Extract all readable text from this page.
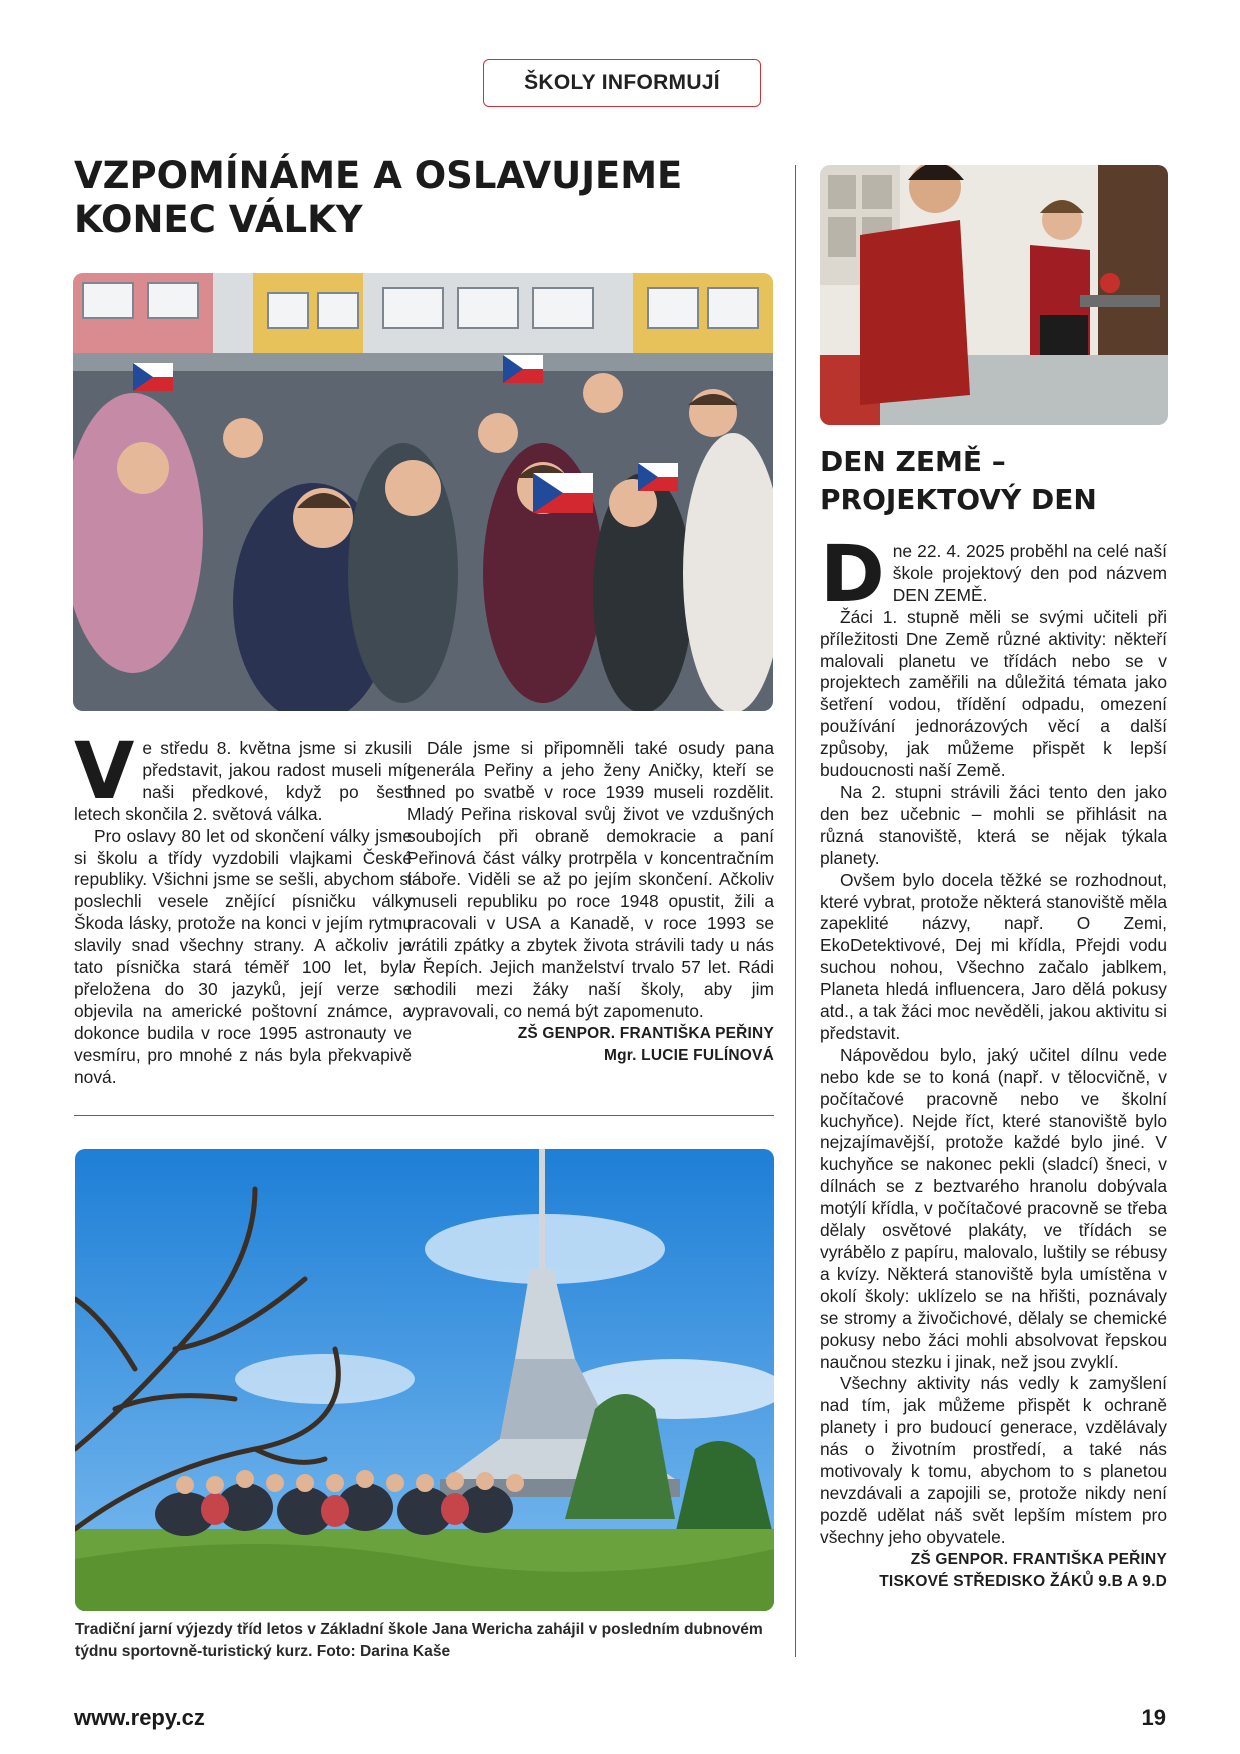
ŠKOLY INFORMUJÍ
VZPOMÍNÁME A OSLAVUJEME
KONEC VÁLKY

Ve středu 8. května jsme si zkusili představit, jakou radost museli mít naši předkové, když po šesti letech skončila 2. světová válka.

Pro oslavy 80 let od skončení války jsme si školu a třídy vyzdobili vlajkami České republiky. Všichni jsme se sešli, abychom si poslechli vesele znějící písničku války Škoda lásky, protože na konci v jejím rytmu slavily snad všechny strany. A ačkoliv je tato písnička stará téměř 100 let, byla přeložena do 30 jazyků, její verze se objevila na americké poštovní známce, a dokonce budila v roce 1995 astronauty ve vesmíru, pro mnohé z nás byla překvapivě nová.

Dále jsme si připomněli také osudy pana generála Peřiny a jeho ženy Aničky, kteří se hned po svatbě v roce 1939 museli rozdělit. Mladý Peřina riskoval svůj život ve vzdušných soubojích při obraně demokracie a paní Peřinová část války protrpěla v koncentračním táboře. Viděli se až po jejím skončení. Ačkoliv museli republiku po roce 1948 opustit, žili a pracovali v USA a Kanadě, v roce 1993 se vrátili zpátky a zbytek života strávili tady u nás v Řepích. Jejich manželství trvalo 57 let. Rádi chodili mezi žáky naší školy, aby jim vypravovali, co nemá být zapomenuto.

ZŠ GENPOR. FRANTIŠKA PEŘINY
Mgr. LUCIE FULÍNOVÁ
DEN ZEMĚ –
PROJEKTOVÝ DEN

Dne 22. 4. 2025 proběhl na celé naší škole projektový den pod názvem DEN ZEMĚ.

Žáci 1. stupně měli se svými učiteli při příležitosti Dne Země různé aktivity: někteří malovali planetu ve třídách nebo se v projektech zaměřili na důležitá témata jako šetření vodou, třídění odpadu, omezení používání jednorázových věcí a další způsoby, jak můžeme přispět k lepší budoucnosti naší Země.

Na 2. stupni strávili žáci tento den jako den bez učebnic – mohli se přihlásit na různá stanoviště, která se nějak týkala planety.

Ovšem bylo docela těžké se rozhodnout, které vybrat, protože některá stanoviště měla zapeklité názvy, např. O Zemi, EkoDetektivové, Dej mi křídla, Přejdi vodu suchou nohou, Všechno začalo jablkem, Planeta hledá influencera, Jaro dělá pokusy atd., a tak žáci moc nevěděli, jakou aktivitu si představit.

Nápovědou bylo, jaký učitel dílnu vede nebo kde se to koná (např. v tělocvičně, v počítačové pracovně nebo ve školní kuchyňce). Nejde říct, které stanoviště bylo nejzajímavější, protože každé bylo jiné. V kuchyňce se nakonec pekli (sladcí) šneci, v dílnách se z beztvarého hranolu dobývala motýlí křídla, v počítačové pracovně se třeba dělaly osvětové plakáty, ve třídách se vyrábělo z papíru, malovalo, luštily se rébusy a kvízy. Některá stanoviště byla umístěna v okolí školy: uklízelo se na hřišti, poznávaly se stromy a živočichové, dělaly se chemické pokusy nebo žáci mohli absolvovat řepskou naučnou stezku i jinak, než jsou zvyklí.

Všechny aktivity nás vedly k zamyšlení nad tím, jak můžeme přispět k ochraně planety i pro budoucí generace, vzdělávaly nás o životním prostředí, a také nás motivovaly k tomu, abychom to s planetou nevzdávali a zapojili se, protože nikdy není pozdě udělat náš svět lepším místem pro všechny jeho obyvatele.

ZŠ GENPOR. FRANTIŠKA PEŘINY
TISKOVÉ STŘEDISKO ŽÁKŮ 9.B A 9.D
Tradiční jarní výjezdy tříd letos v Základní škole Jana Wericha zahájil v posledním dubnovém týdnu sportovně-turistický kurz. Foto: Darina Kaše
www.repy.cz	19
